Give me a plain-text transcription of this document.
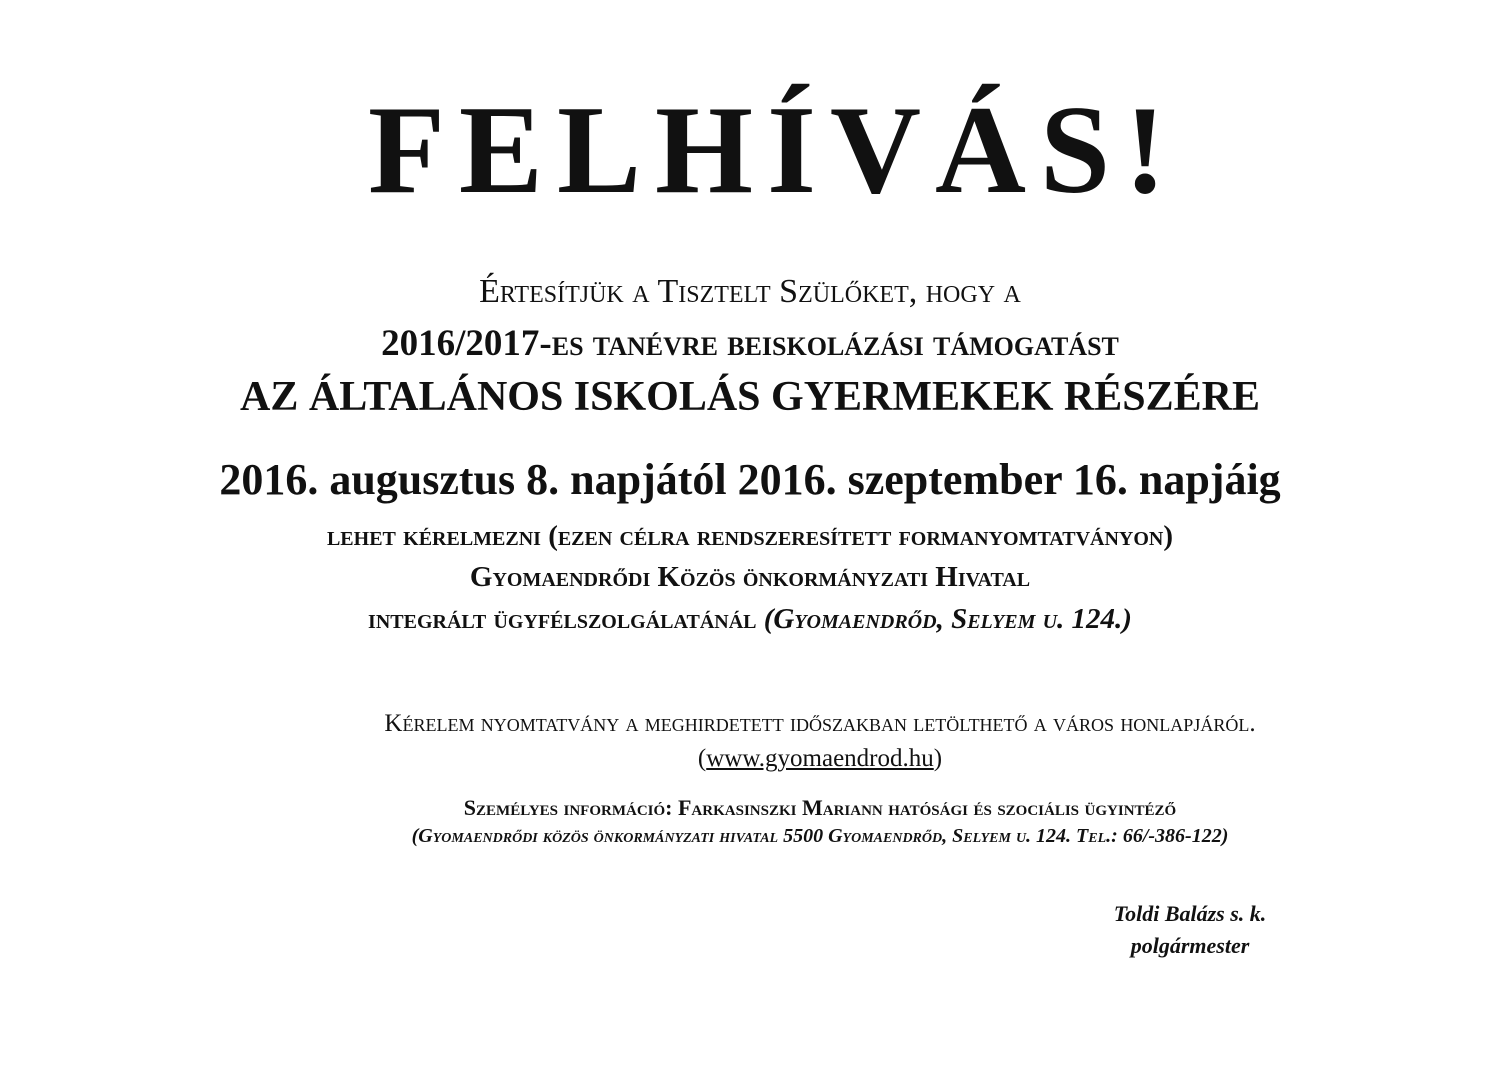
FELHÍVÁS!
Értesítjük a Tisztelt Szülőket, hogy a
2016/2017-es tanévre beiskolázási támogatást
AZ ÁLTALÁNOS ISKOLÁS GYERMEKEK RÉSZÉRE
2016. augusztus 8. napjától 2016. szeptember 16. napjáig
lehet kérelmezni (ezen célra rendszeresített formanyomtatványon)
Gyomaendrődi Közös önkormányzati Hivatal
integrált ügyfélszolgálatánál (Gyomaendrőd, Selyem u. 124.)
Kérelem nyomtatvány a meghirdetett időszakban letölthető a város honlapjáról.
(www.gyomaendrod.hu)
Személyes információ: Farkasinszki Mariann hatósági és szociális ügyintéző
(Gyomaendrődi közös önkormányzati hivatal 5500 Gyomaendrőd, Selyem u. 124. Tel.: 66/-386-122)
Toldi Balázs s. k.
polgármester
